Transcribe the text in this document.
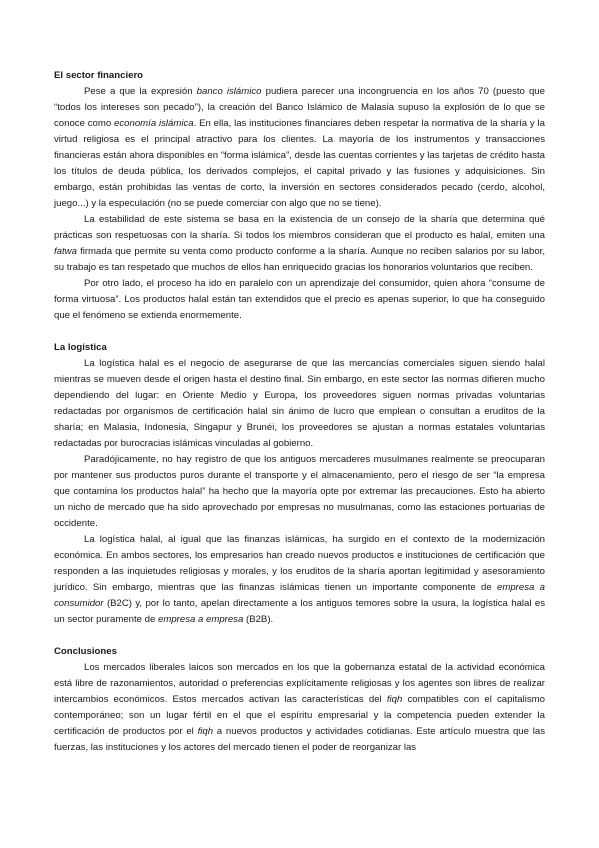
El sector financiero

Pese a que la expresión banco islámico pudiera parecer una incongruencia en los años 70 (puesto que “todos los intereses son pecado”), la creación del Banco Islámico de Malasia supuso la explosión de lo que se conoce como economía islámica. En ella, las instituciones financiares deben respetar la normativa de la sharía y la virtud religiosa es el principal atractivo para los clientes. La mayoría de los instrumentos y transacciones financieras están ahora disponibles en “forma islámica”, desde las cuentas corrientes y las tarjetas de crédito hasta los títulos de deuda pública, los derivados complejos, el capital privado y las fusiones y adquisiciones. Sin embargo, están prohibidas las ventas de corto, la inversión en sectores considerados pecado (cerdo, alcohol, juego...) y la especulación (no se puede comerciar con algo que no se tiene).

La estabilidad de este sistema se basa en la existencia de un consejo de la sharía que determina qué prácticas son respetuosas con la sharía. Si todos los miembros consideran que el producto es halal, emiten una fatwa firmada que permite su venta como producto conforme a la sharía. Aunque no reciben salarios por su labor, su trabajo es tan respetado que muchos de ellos han enriquecido gracias los honorarios voluntarios que reciben.

Por otro lado, el proceso ha ido en paralelo con un aprendizaje del consumidor, quien ahora “consume de forma virtuosa”. Los productos halal están tan extendidos que el precio es apenas superior, lo que ha conseguido que el fenómeno se extienda enormemente.

La logística

La logística halal es el negocio de asegurarse de que las mercancías comerciales siguen siendo halal mientras se mueven desde el origen hasta el destino final. Sin embargo, en este sector las normas difieren mucho dependiendo del lugar: en Oriente Medio y Europa, los proveedores siguen normas privadas voluntarias redactadas por organismos de certificación halal sin ánimo de lucro que emplean o consultan a eruditos de la sharía; en Malasia, Indonesia, Singapur y Brunéi, los proveedores se ajustan a normas estatales voluntarias redactadas por burocracias islámicas vinculadas al gobierno.

Paradójicamente, no hay registro de que los antiguos mercaderes musulmanes realmente se preocuparan por mantener sus productos puros durante el transporte y el almacenamiento, pero el riesgo de ser “la empresa que contamina los productos halal” ha hecho que la mayoría opte por extremar las precauciones. Esto ha abierto un nicho de mercado que ha sido aprovechado por empresas no musulmanas, como las estaciones portuarias de occidente.

La logística halal, al igual que las finanzas islámicas, ha surgido en el contexto de la modernización económica. En ambos sectores, los empresarios han creado nuevos productos e instituciones de certificación que responden a las inquietudes religiosas y morales, y los eruditos de la sharía aportan legitimidad y asesoramiento jurídico. Sin embargo, mientras que las finanzas islámicas tienen un importante componente de empresa a consumidor (B2C) y, por lo tanto, apelan directamente a los antiguos temores sobre la usura, la logística halal es un sector puramente de empresa a empresa (B2B).

Conclusiones

Los mercados liberales laicos son mercados en los que la gobernanza estatal de la actividad económica está libre de razonamientos, autoridad o preferencias explícitamente religiosas y los agentes son libres de realizar intercambios económicos. Estos mercados activan las características del fiqh compatibles con el capitalismo contemporáneo; son un lugar fértil en el que el espíritu empresarial y la competencia pueden extender la certificación de productos por el fiqh a nuevos productos y actividades cotidianas. Este artículo muestra que las fuerzas, las instituciones y los actores del mercado tienen el poder de reorganizar las
